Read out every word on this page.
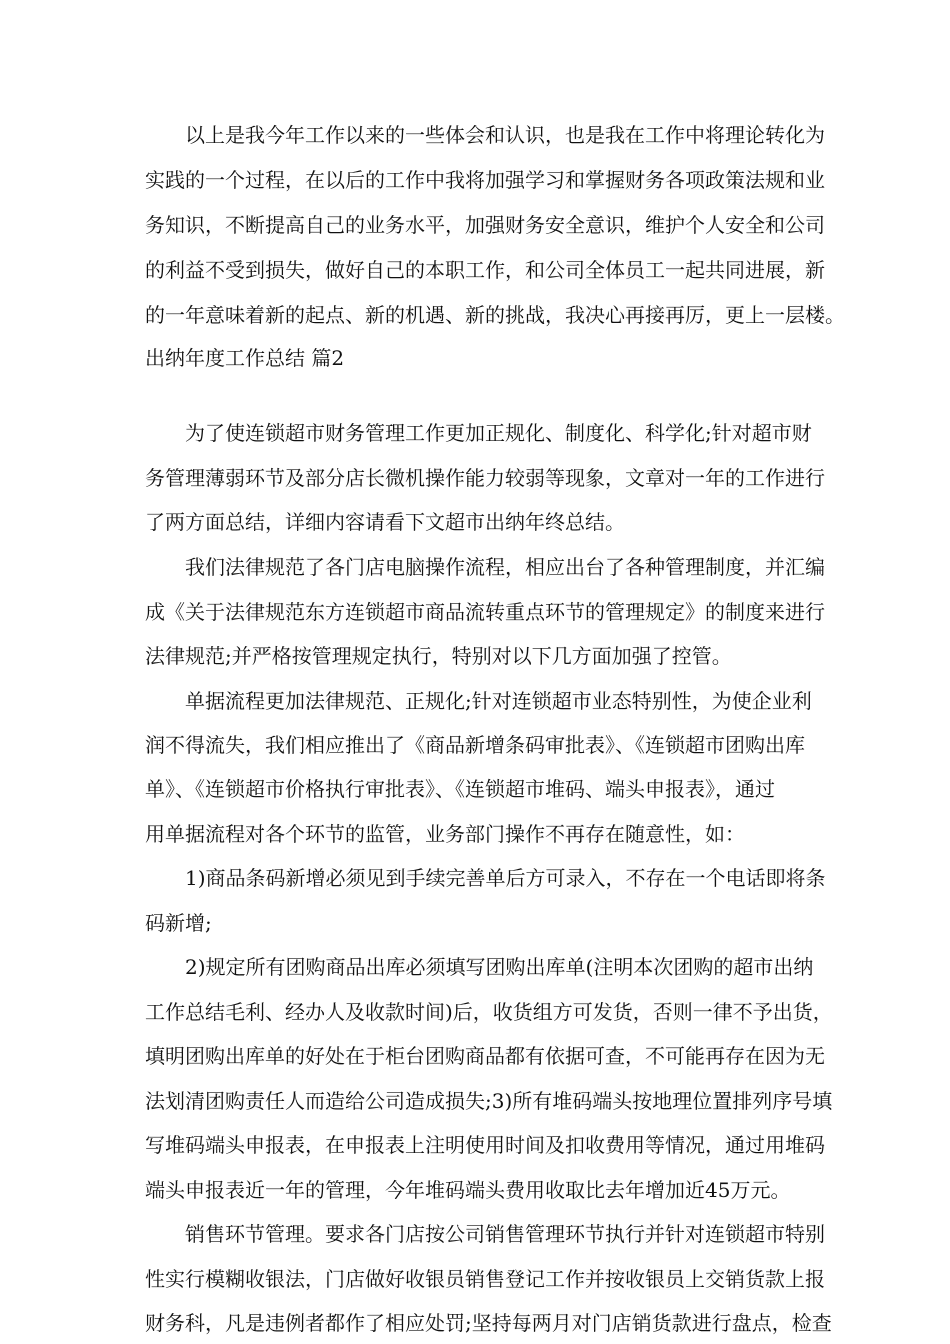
以上是我今年工作以来的一些体会和认识，也是我在工作中将理论转化为
实践的一个过程，在以后的工作中我将加强学习和掌握财务各项政策法规和业
务知识，不断提高自己的业务水平，加强财务安全意识，维护个人安全和公司
的利益不受到损失，做好自己的本职工作，和公司全体员工一起共同进展，新
的一年意味着新的起点、新的机遇、新的挑战，我决心再接再厉，更上一层楼。
出纳年度工作总结 篇2
为了使连锁超市财务管理工作更加正规化、制度化、科学化;针对超市财
务管理薄弱环节及部分店长微机操作能力较弱等现象，文章对一年的工作进行
了两方面总结，详细内容请看下文超市出纳年终总结。
我们法律规范了各门店电脑操作流程，相应出台了各种管理制度，并汇编
成《关于法律规范东方连锁超市商品流转重点环节的管理规定》的制度来进行
法律规范;并严格按管理规定执行，特别对以下几方面加强了控管。
单据流程更加法律规范、正规化;针对连锁超市业态特别性，为使企业利
润不得流失，我们相应推出了《商品新增条码审批表》、《连锁超市团购出库
单》、《连锁超市价格执行审批表》、《连锁超市堆码、端头申报表》，通过
用单据流程对各个环节的监管，业务部门操作不再存在随意性，如：
1)商品条码新增必须见到手续完善单后方可录入，不存在一个电话即将条
码新增;
2)规定所有团购商品出库必须填写团购出库单(注明本次团购的超市出纳
工作总结毛利、经办人及收款时间)后，收货组方可发货，否则一律不予出货，
填明团购出库单的好处在于柜台团购商品都有依据可查，不可能再存在因为无
法划清团购责任人而造给公司造成损失;3)所有堆码端头按地理位置排列序号填
写堆码端头申报表，在申报表上注明使用时间及扣收费用等情况，通过用堆码
端头申报表近一年的管理，今年堆码端头费用收取比去年增加近45万元。
销售环节管理。要求各门店按公司销售管理环节执行并针对连锁超市特别
性实行模糊收银法，门店做好收银员销售登记工作并按收银员上交销货款上报
财务科，凡是违例者都作了相应处罚;坚持每两月对门店销货款进行盘点，检查
